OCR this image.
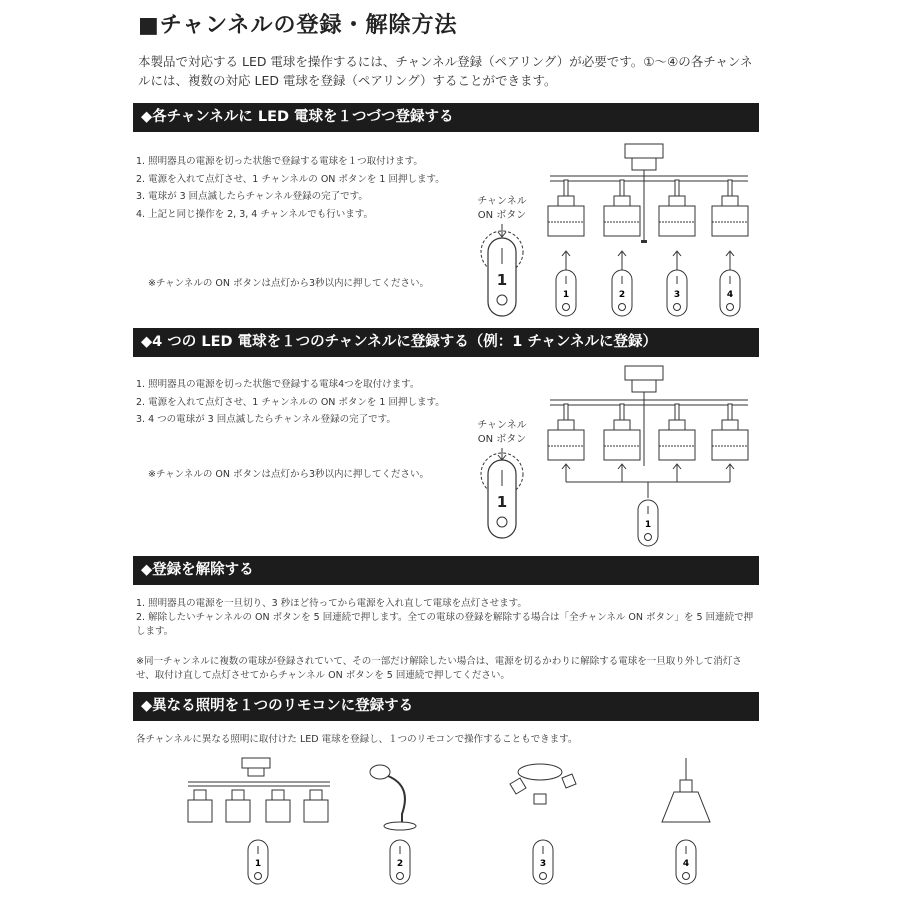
■チャンネルの登録・解除方法
本製品で対応する LED 電球を操作するには、チャンネル登録（ペアリング）が必要です。①〜④の各チャンネルには、複数の対応 LED 電球を登録（ペアリング）することができます。
◆各チャンネルに LED 電球を１つづつ登録する
1. 照明器具の電源を切った状態で登録する電球を１つ取付けます。
2. 電源を入れて点灯させ、1 チャンネルの ON ボタンを 1 回押します。
3. 電球が 3 回点滅したらチャンネル登録の完了です。
4. 上記と同じ操作を 2, 3, 4 チャンネルでも行います。
※チャンネルの ON ボタンは点灯から3秒以内に押してください。
チャンネル
ON ボタン
1
1	2	3	4
◆4 つの LED 電球を１つのチャンネルに登録する（例：1 チャンネルに登録）
1. 照明器具の電源を切った状態で登録する電球4つを取付けます。
2. 電源を入れて点灯させ、1 チャンネルの ON ボタンを 1 回押します。
3. 4 つの電球が 3 回点滅したらチャンネル登録の完了です。
※チャンネルの ON ボタンは点灯から3秒以内に押してください。
チャンネル
ON ボタン
1
1
◆登録を解除する
1. 照明器具の電源を一旦切り、3 秒ほど待ってから電源を入れ直して電球を点灯させます。
2. 解除したいチャンネルの ON ボタンを 5 回連続で押します。全ての電球の登録を解除する場合は「全チャンネル ON ボタン」を 5 回連続で押します。
※同一チャンネルに複数の電球が登録されていて、その一部だけ解除したい場合は、電源を切るかわりに解除する電球を一旦取り外して消灯させ、取付け直して点灯させてからチャンネル ON ボタンを 5 回連続で押してください。
◆異なる照明を１つのリモコンに登録する
各チャンネルに異なる照明に取付けた LED 電球を登録し、１つのリモコンで操作することもできます。
1	2	3	4
